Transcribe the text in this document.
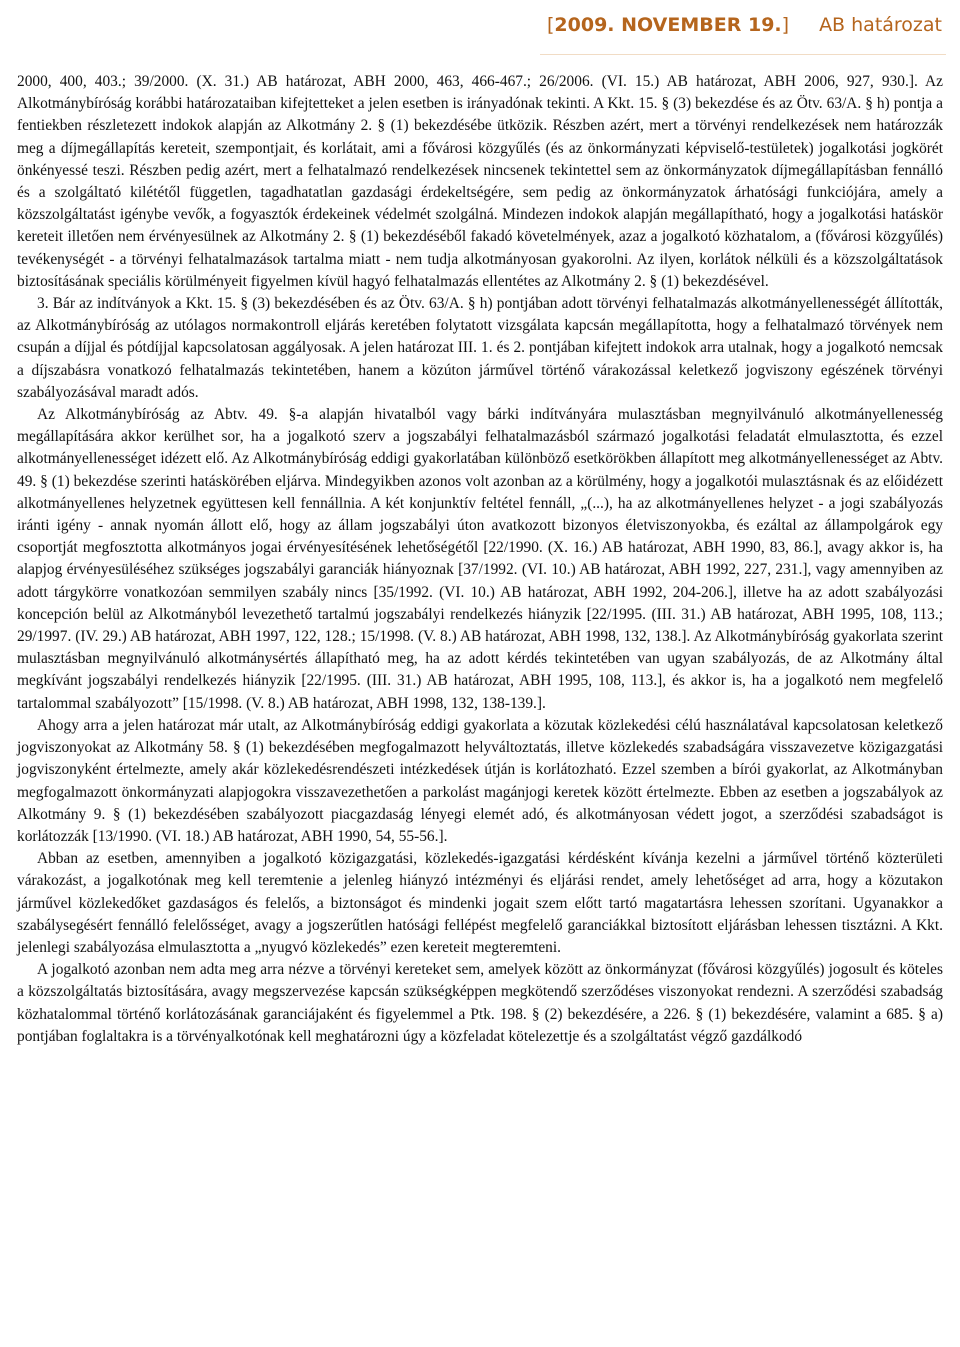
[2009. NOVEMBER 19.] AB határozat

2000, 400, 403.; 39/2000. (X. 31.) AB határozat, ABH 2000, 463, 466-467.; 26/2006. (VI. 15.) AB határozat, ABH 2006, 927, 930.]. Az Alkotmánybíróság korábbi határozataiban kifejtetteket a jelen esetben is irányadónak tekinti. A Kkt. 15. § (3) bekezdése és az Ötv. 63/A. § h) pontja a fentiekben részletezett indokok alapján az Alkotmány 2. § (1) bekezdésébe ütközik. Részben azért, mert a törvényi rendelkezések nem határozzák meg a díjmegállapítás kereteit, szempontjait, és korlátait, ami a fővárosi közgyűlés (és az önkormányzati képviselő-testületek) jogalkotási jogkörét önkényessé teszi. Részben pedig azért, mert a felhatalmazó rendelkezések nincsenek tekintettel sem az önkormányzatok díjmegállapításban fennálló és a szolgáltató kilététől független, tagadhatatlan gazdasági érdekeltségére, sem pedig az önkormányzatok árhatósági funkciójára, amely a közszolgáltatást igénybe vevők, a fogyasztók érdekeinek védelmét szolgálná. Mindezen indokok alapján megállapítható, hogy a jogalkotási hatáskör kereteit illetően nem érvényesülnek az Alkotmány 2. § (1) bekezdéséből fakadó követelmények, azaz a jogalkotó közhatalom, a (fővárosi közgyűlés) tevékenységét - a törvényi felhatalmazások tartalma miatt - nem tudja alkotmányosan gyakorolni. Az ilyen, korlátok nélküli és a közszolgáltatások biztosításának speciális körülményeit figyelmen kívül hagyó felhatalmazás ellentétes az Alkotmány 2. § (1) bekezdésével.

3. Bár az indítványok a Kkt. 15. § (3) bekezdésében és az Ötv. 63/A. § h) pontjában adott törvényi felhatalmazás alkotmányellenességét állították, az Alkotmánybíróság az utólagos normakontroll eljárás keretében folytatott vizsgálata kapcsán megállapította, hogy a felhatalmazó törvények nem csupán a díjjal és pótdíjjal kapcsolatosan aggályosak. A jelen határozat III. 1. és 2. pontjában kifejtett indokok arra utalnak, hogy a jogalkotó nemcsak a díjszabásra vonatkozó felhatalmazás tekintetében, hanem a közúton járművel történő várakozással keletkező jogviszony egészének törvényi szabályozásával maradt adós.

Az Alkotmánybíróság az Abtv. 49. §-a alapján hivatalból vagy bárki indítványára mulasztásban megnyilvánuló alkotmányellenesség megállapítására akkor kerülhet sor, ha a jogalkotó szerv a jogszabályi felhatalmazásból származó jogalkotási feladatát elmulasztotta, és ezzel alkotmányellenességet idézett elő. Az Alkotmánybíróság eddigi gyakorlatában különböző esetkörökben állapított meg alkotmányellenességet az Abtv. 49. § (1) bekezdése szerinti hatáskörében eljárva. Mindegyikben azonos volt azonban az a körülmény, hogy a jogalkotói mulasztásnak és az előidézett alkotmányellenes helyzetnek együttesen kell fennállnia. A két konjunktív feltétel fennáll, „(...), ha az alkotmányellenes helyzet - a jogi szabályozás iránti igény - annak nyomán állott elő, hogy az állam jogszabályi úton avatkozott bizonyos életviszonyokba, és ezáltal az állampolgárok egy csoportját megfosztotta alkotmányos jogai érvényesítésének lehetőségétől [22/1990. (X. 16.) AB határozat, ABH 1990, 83, 86.], avagy akkor is, ha alapjog érvényesüléséhez szükséges jogszabályi garanciák hiányoznak [37/1992. (VI. 10.) AB határozat, ABH 1992, 227, 231.], vagy amennyiben az adott tárgykörre vonatkozóan semmilyen szabály nincs [35/1992. (VI. 10.) AB határozat, ABH 1992, 204-206.], illetve ha az adott szabályozási koncepción belül az Alkotmányból levezethető tartalmú jogszabályi rendelkezés hiányzik [22/1995. (III. 31.) AB határozat, ABH 1995, 108, 113.; 29/1997. (IV. 29.) AB határozat, ABH 1997, 122, 128.; 15/1998. (V. 8.) AB határozat, ABH 1998, 132, 138.]. Az Alkotmánybíróság gyakorlata szerint mulasztásban megnyilvánuló alkotmánysértés állapítható meg, ha az adott kérdés tekintetében van ugyan szabályozás, de az Alkotmány által megkívánt jogszabályi rendelkezés hiányzik [22/1995. (III. 31.) AB határozat, ABH 1995, 108, 113.], és akkor is, ha a jogalkotó nem megfelelő tartalommal szabályozott” [15/1998. (V. 8.) AB határozat, ABH 1998, 132, 138-139.].

Ahogy arra a jelen határozat már utalt, az Alkotmánybíróság eddigi gyakorlata a közutak közlekedési célú használatával kapcsolatosan keletkező jogviszonyokat az Alkotmány 58. § (1) bekezdésében megfogalmazott helyváltoztatás, illetve közlekedés szabadságára visszavezetve közigazgatási jogviszonyként értelmezte, amely akár közlekedésrendészeti intézkedések útján is korlátozható. Ezzel szemben a bírói gyakorlat, az Alkotmányban megfogalmazott önkormányzati alapjogokra visszavezethetően a parkolást magánjogi keretek között értelmezte. Ebben az esetben a jogszabályok az Alkotmány 9. § (1) bekezdésében szabályozott piacgazdaság lényegi elemét adó, és alkotmányosan védett jogot, a szerződési szabadságot is korlátozzák [13/1990. (VI. 18.) AB határozat, ABH 1990, 54, 55-56.].

Abban az esetben, amennyiben a jogalkotó közigazgatási, közlekedés-igazgatási kérdésként kívánja kezelni a járművel történő közterületi várakozást, a jogalkotónak meg kell teremtenie a jelenleg hiányzó intézményi és eljárási rendet, amely lehetőséget ad arra, hogy a közutakon járművel közlekedőket gazdaságos és felelős, a biztonságot és mindenki jogait szem előtt tartó magatartásra lehessen szorítani. Ugyanakkor a szabálysegésért fennálló felelősséget, avagy a jogszerűtlen hatósági fellépést megfelelő garanciákkal biztosított eljárásban lehessen tisztázni. A Kkt. jelenlegi szabályozása elmulasztotta a „nyugvó közlekedés” ezen kereteit megteremteni.

A jogalkotó azonban nem adta meg arra nézve a törvényi kereteket sem, amelyek között az önkormányzat (fővárosi közgyűlés) jogosult és köteles a közszolgáltatás biztosítására, avagy megszervezése kapcsán szükségképpen megkötendő szerződéses viszonyokat rendezni. A szerződési szabadság közhatalommal történő korlátozásának garanciájaként és figyelemmel a Ptk. 198. § (2) bekezdésére, a 226. § (1) bekezdésére, valamint a 685. § a) pontjában foglaltakra is a törvényalkotónak kell meghatározni úgy a közfeladat kötelezettje és a szolgáltatást végző gazdálkodó
